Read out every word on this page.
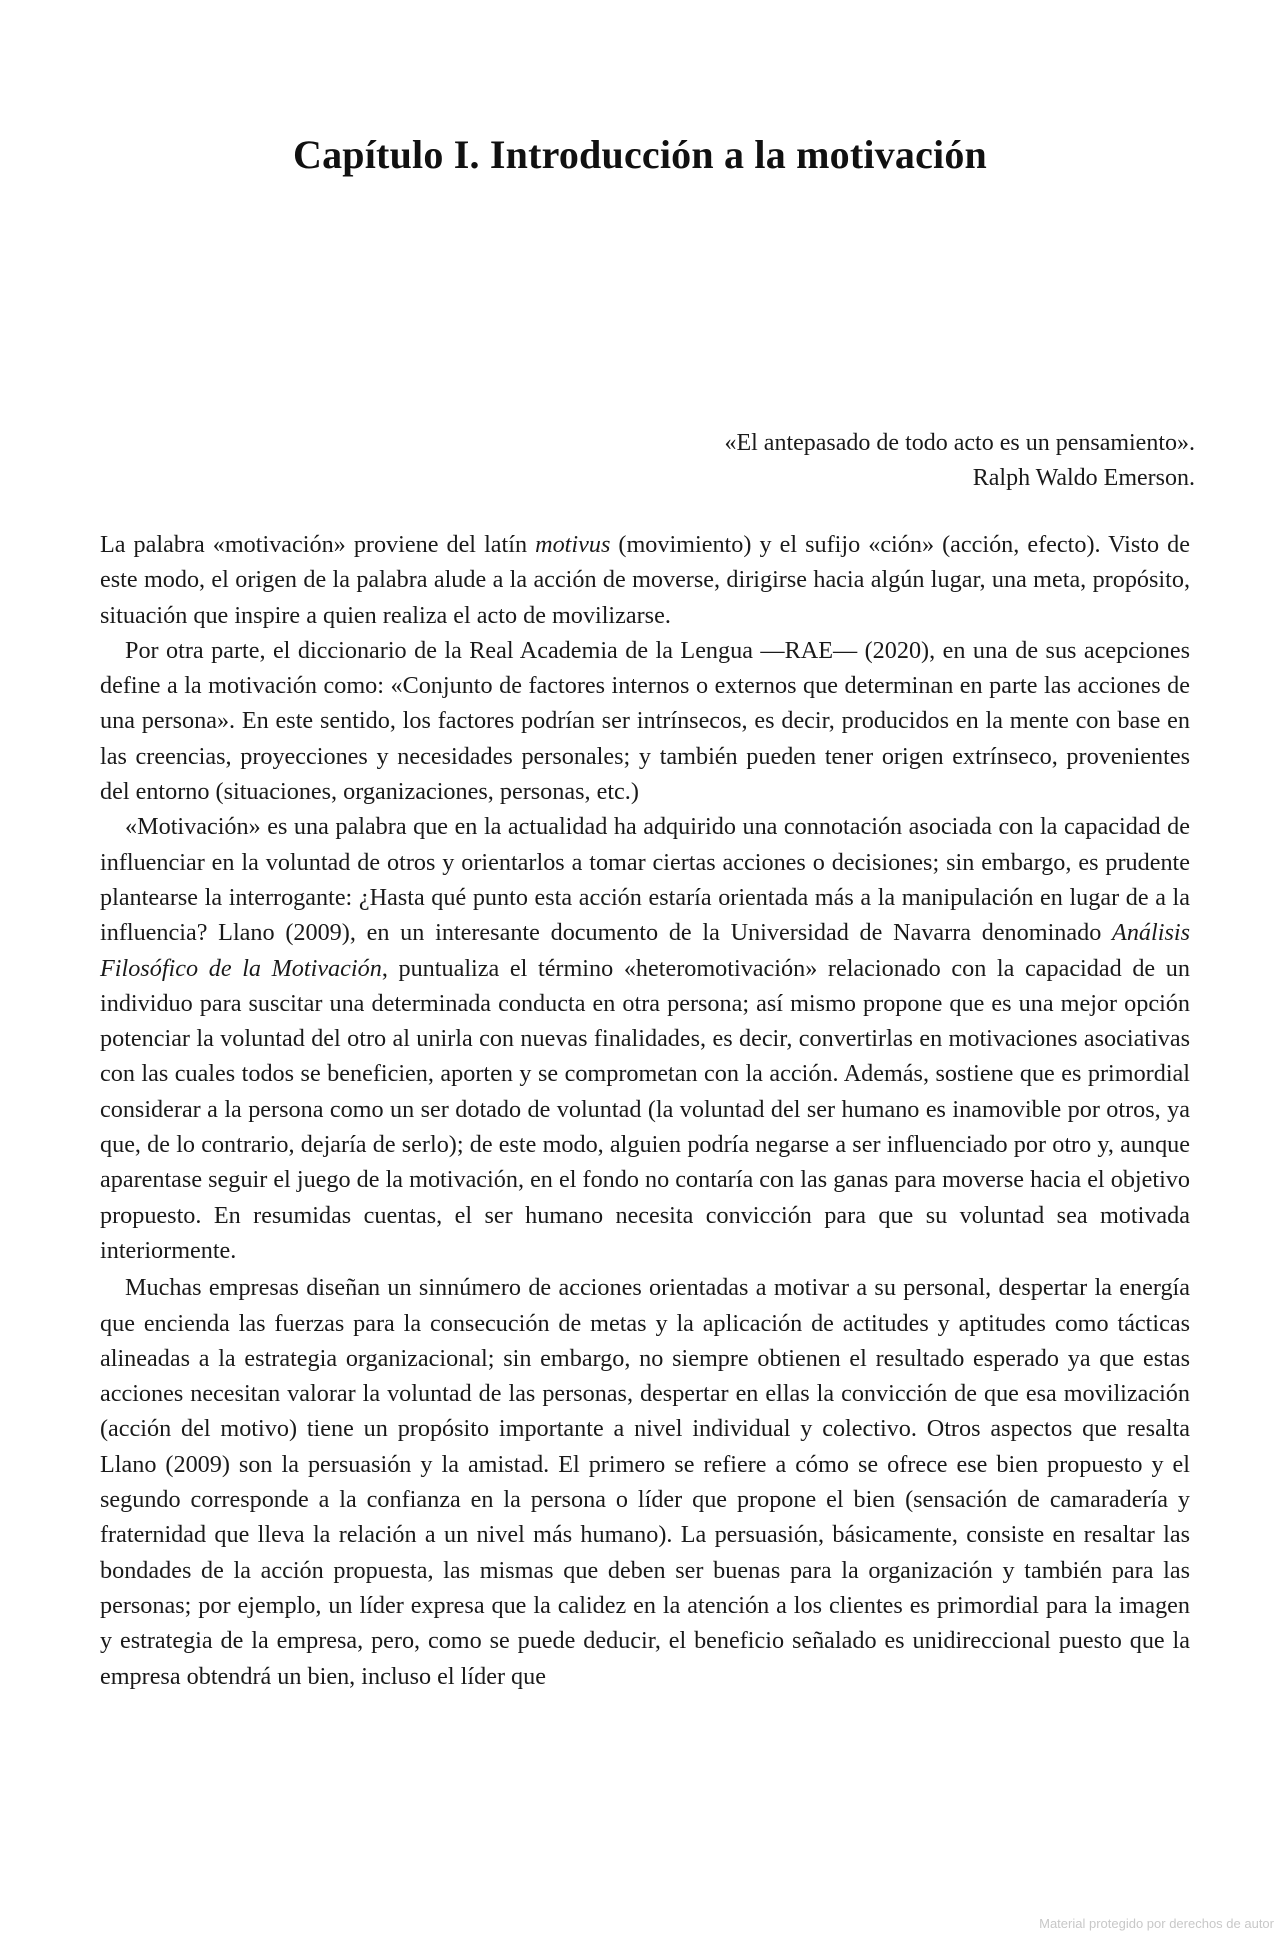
Capítulo I. Introducción a la motivación
«El antepasado de todo acto es un pensamiento».
Ralph Waldo Emerson.

La palabra «motivación» proviene del latín motivus (movimiento) y el sufijo «ción» (acción, efecto). Visto de este modo, el origen de la palabra alude a la acción de moverse, dirigirse hacia algún lugar, una meta, propósito, situación que inspire a quien realiza el acto de movilizarse.

Por otra parte, el diccionario de la Real Academia de la Lengua —RAE— (2020), en una de sus acepciones define a la motivación como: «Conjunto de factores internos o externos que determinan en parte las acciones de una persona». En este sentido, los factores podrían ser intrínsecos, es decir, producidos en la mente con base en las creencias, proyecciones y necesidades personales; y también pueden tener origen extrínseco, provenientes del entorno (situaciones, organizaciones, personas, etc.)

«Motivación» es una palabra que en la actualidad ha adquirido una connotación asociada con la capacidad de influenciar en la voluntad de otros y orientarlos a tomar ciertas acciones o decisiones; sin embargo, es prudente plantearse la interrogante: ¿Hasta qué punto esta acción estaría orientada más a la manipulación en lugar de a la influencia? Llano (2009), en un interesante documento de la Universidad de Navarra denominado Análisis Filosófico de la Motivación, puntualiza el término «heteromotivación» relacionado con la capacidad de un individuo para suscitar una determinada conducta en otra persona; así mismo propone que es una mejor opción potenciar la voluntad del otro al unirla con nuevas finalidades, es decir, convertirlas en motivaciones asociativas con las cuales todos se beneficien, aporten y se comprometan con la acción. Además, sostiene que es primordial considerar a la persona como un ser dotado de voluntad (la voluntad del ser humano es inamovible por otros, ya que, de lo contrario, dejaría de serlo); de este modo, alguien podría negarse a ser influenciado por otro y, aunque aparentase seguir el juego de la motivación, en el fondo no contaría con las ganas para moverse hacia el objetivo propuesto. En resumidas cuentas, el ser humano necesita convicción para que su voluntad sea motivada interiormente.

Muchas empresas diseñan un sinnúmero de acciones orientadas a motivar a su personal, despertar la energía que encienda las fuerzas para la consecución de metas y la aplicación de actitudes y aptitudes como tácticas alineadas a la estrategia organizacional; sin embargo, no siempre obtienen el resultado esperado ya que estas acciones necesitan valorar la voluntad de las personas, despertar en ellas la convicción de que esa movilización (acción del motivo) tiene un propósito importante a nivel individual y colectivo. Otros aspectos que resalta Llano (2009) son la persuasión y la amistad. El primero se refiere a cómo se ofrece ese bien propuesto y el segundo corresponde a la confianza en la persona o líder que propone el bien (sensación de camaradería y fraternidad que lleva la relación a un nivel más humano). La persuasión, básicamente, consiste en resaltar las bondades de la acción propuesta, las mismas que deben ser buenas para la organización y también para las personas; por ejemplo, un líder expresa que la calidez en la atención a los clientes es primordial para la imagen y estrategia de la empresa, pero, como se puede deducir, el beneficio señalado es unidireccional puesto que la empresa obtendrá un bien, incluso el líder que

Material protegido por derechos de autor
